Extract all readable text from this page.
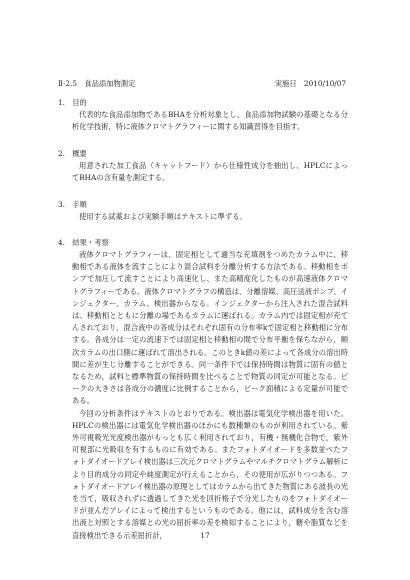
Ⅱ-2.5　食品添加物測定	実施日　2010/10/07
1.　目的

代表的な食品添加物であるBHAを分析対象とし、食品添加物試験の基礎となる分析化学技術，特に液体クロマトグラフィーに関する知識習得を目指す。

2.　概要

用意された加工食品（キャットフード）から仕様性成分を抽出し、HPLCによってBHAの含有量を測定する。

3.　手順

使用する試薬および実験手順はテキストに準ずる。

4.　結果・考察

液体クロマトグラフィーは、固定相として適当な充填剤をつめたカラム中に、移動相である液体を流すことにより混合試料を分離分析する方法である。移動相をポンプで加圧して流すことにより高速化し、また高精度化したものが高速液体クロマトグラフィーである。液体クロマトグラフの構造は、分離溶媒、高圧送液ポンプ、インジェクター、カラム、検出器からなる。インジェクターから注入された混合試料は、移動相とともに分離の場であるカラムに運ばれる。カラム内では固定相が充てんされており，混合液中の各成分はそれぞれ固有の分布率kで固定相と移動相に分布する。各成分は一定の流速下では固定相と移動相の間で分布平衡を保ちながら，順次カラムの出口側に運ばれて溶出される。このときk値の差によって各成分の溶出時間に差が生じ分離することができる。同一条件下では保持時間は物質に固有の値となるため，試料と標準物質の保持時間を比べることで物質の同定が可能となる。ピークの大きさは各成分の濃度に比例することから，ピーク面積による定量が可能である。

今回の分析条件はテキストのとおりである。検出器は電気化学検出器を用いた。HPLCの検出器には電気化学検出器のほかにも数種類のものが利用されている。紫外可視吸光光度検出器がもっとも広く利用されており，有機・無機化合物で，紫外可視部に光吸収を有するものに有効である。またフォトダイオードを多数並べたフォトダイオードアレイ検出器は三次元クロマトグラムやマルチクロマトグラム解析により目的成分の同定や純度測定が行えることから，その使用が広がりつつある。フォトダイオードアレイ検出器の原理としてはカラムから出てきた物質にある波長の光を当て，吸収されずに透過してきた光を回折格子で分光したものをフォトダイオードが並んだアレイによって検出するというものである。他には，試料成分を含む溶出液と対照とする溶媒との光の屈折率の差を検知することにより，糖や脂質などを直接検出できる示差屈折計，	17
